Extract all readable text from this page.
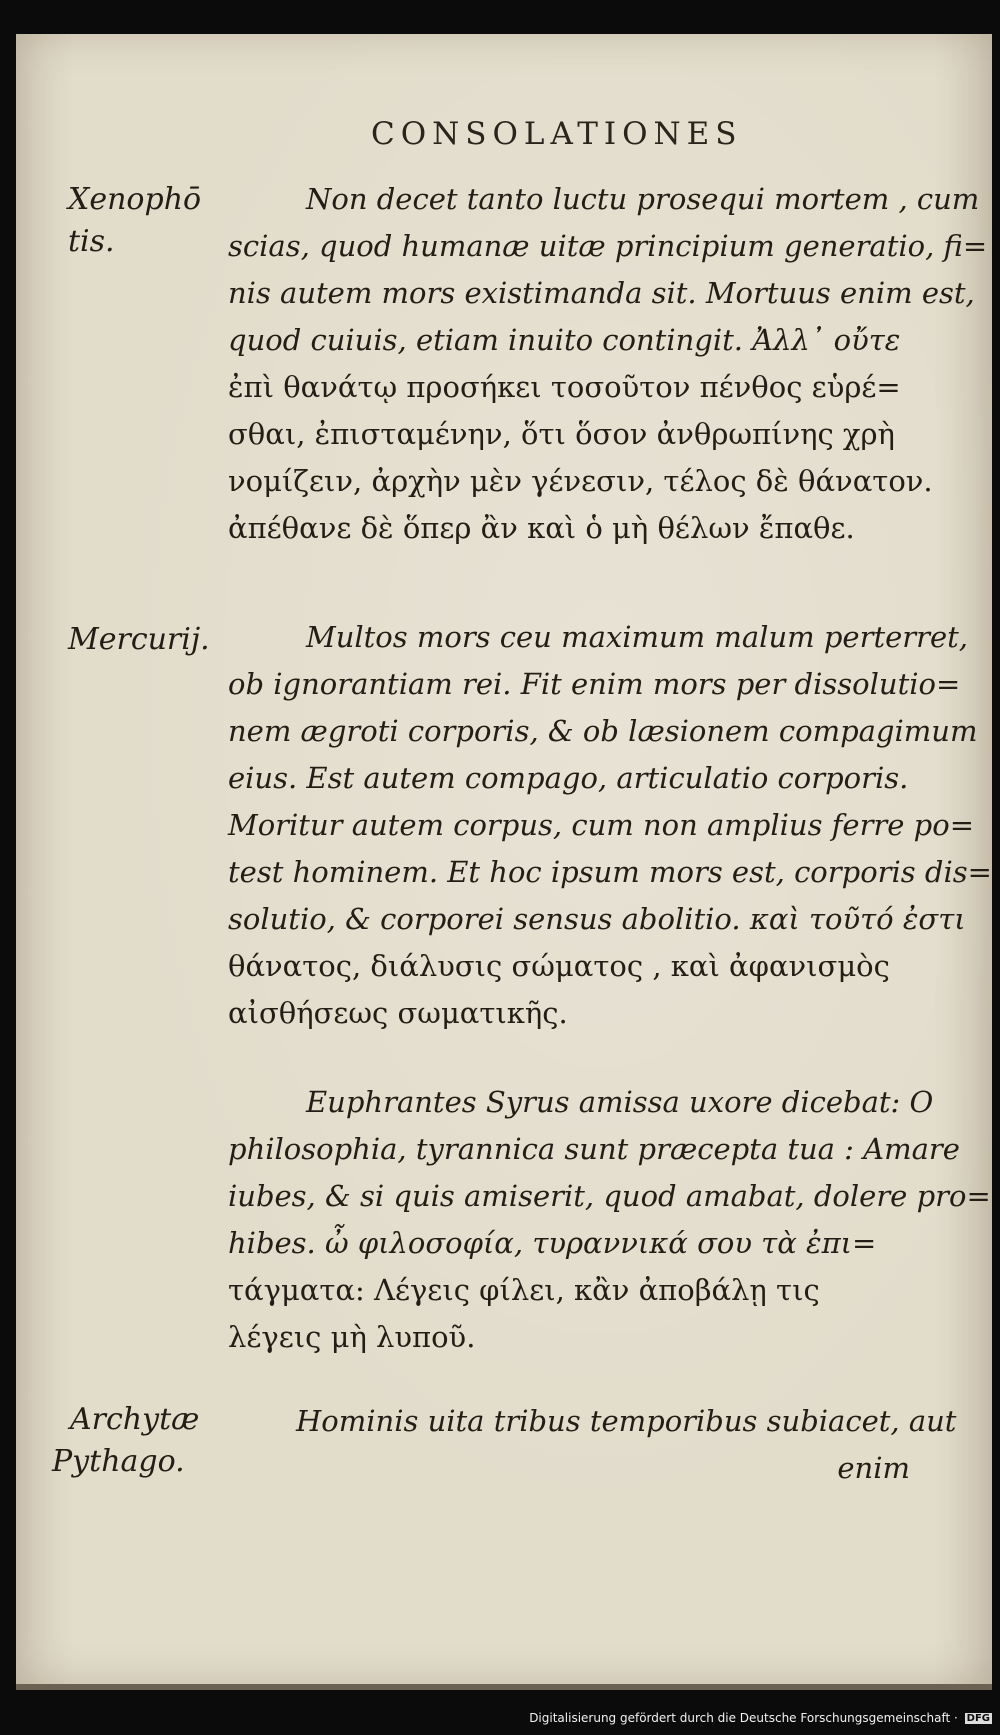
CONSOLATIONES
Xenophō
tis.
Non decet tanto luctu prosequi mortem , cum
scias, quod humanæ uitæ principium generatio, fi=
nis autem mors existimanda sit. Mortuus enim est,
quod cuiuis, etiam inuito contingit. Ἀλλ᾽ οὔτε
ἐπὶ θανάτῳ προσήκει τοσοῦτον πένθος εὑρέ=
σθαι, ἐπισταμένην, ὅτι ὅσον ἀνθρωπίνης χρὴ
νομίζειν, ἀρχὴν μὲν γένεσιν, τέλος δὲ θάνατον.
ἀπέθανε δὲ ὅπερ ἂν καὶ ὁ μὴ θέλων ἔπαθε.
Mercurij.	Multos mors ceu maximum malum perterret,
ob ignorantiam rei. Fit enim mors per dissolutio=
nem ægroti corporis, & ob læsionem compagimum
eius. Est autem compago, articulatio corporis.
Moritur autem corpus, cum non amplius ferre po=
test hominem. Et hoc ipsum mors est, corporis dis=
solutio, & corporei sensus abolitio. καὶ τοῦτό ἐστι
θάνατος, διάλυσις σώματος , καὶ ἀφανισμὸς
αἰσθήσεως σωματικῆς.
Euphrantes Syrus amissa uxore dicebat: O
philosophia, tyrannica sunt præcepta tua : Amare
iubes, & si quis amiserit, quod amabat, dolere pro=
hibes. ὦ φιλοσοφία, τυραννικά σου τὰ ἐπι=
τάγματα: Λέγεις φίλει, κἂν ἀποβάλῃ τις
λέγεις μὴ λυποῦ.
Archytæ
Pythago.
Hominis uita tribus temporibus subiacet, aut
enim
Digitalisierung gefördert durch die Deutsche Forschungsgemeinschaft · DFG
